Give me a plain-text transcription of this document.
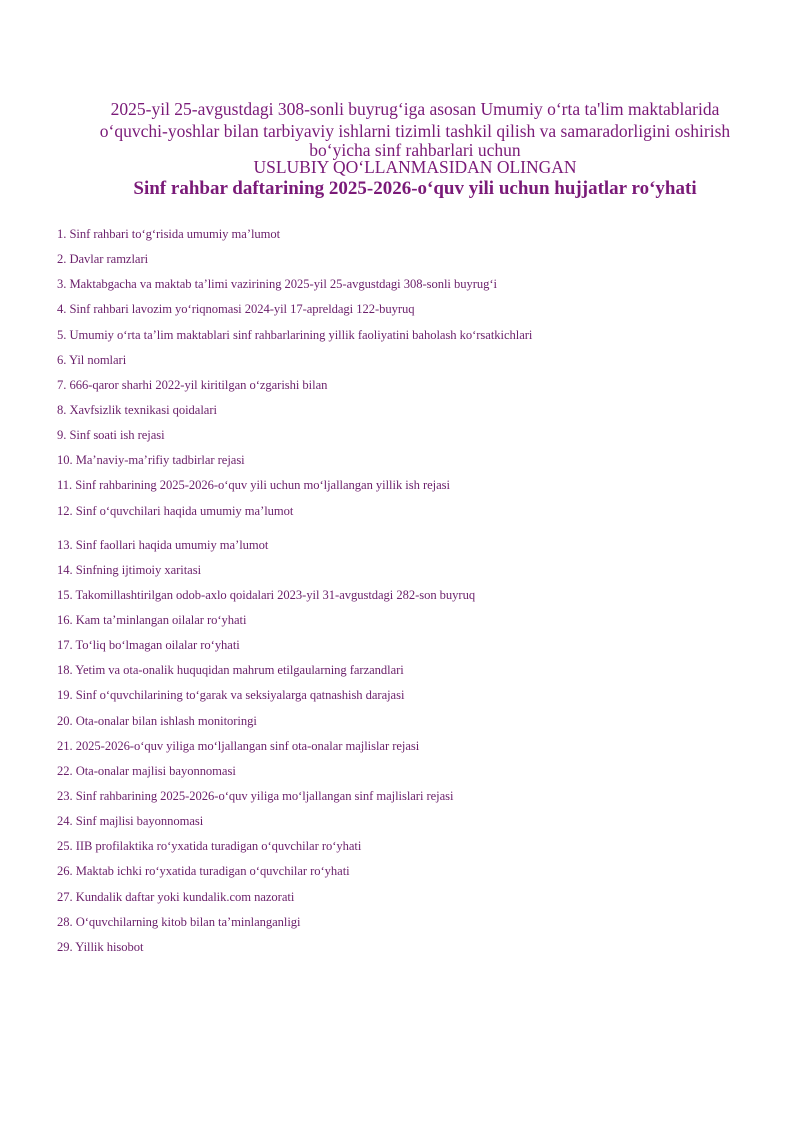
2025-yil 25-avgustdagi 308-sonli buyrug‘iga asosan Umumiy o‘rta ta'lim maktablarida
o‘quvchi-yoshlar bilan tarbiyaviy ishlarni tizimli tashkil qilish va samaradorligini oshirish
bo‘yicha sinf rahbarlari uchun
USLUBIY QO‘LLANMASIDAN OLINGAN
Sinf rahbar daftarining 2025-2026-o‘quv yili uchun hujjatlar ro‘yhati
1. Sinf rahbari to‘g‘risida umumiy ma’lumot
2. Davlar ramzlari
3. Maktabgacha va maktab ta’limi vazirining 2025-yil 25-avgustdagi 308-sonli buyrug‘i
4. Sinf rahbari lavozim yo‘riqnomasi 2024-yil 17-apreldagi 122-buyruq
5. Umumiy o‘rta ta’lim maktablari sinf rahbarlarining yillik faoliyatini baholash ko‘rsatkichlari
6. Yil nomlari
7. 666-qaror sharhi 2022-yil kiritilgan o‘zgarishi bilan
8. Xavfsizlik texnikasi qoidalari
9. Sinf soati ish rejasi
10. Ma’naviy-ma’rifiy tadbirlar rejasi
11. Sinf rahbarining 2025-2026-o‘quv yili uchun mo‘ljallangan yillik ish rejasi
12. Sinf o‘quvchilari haqida umumiy ma’lumot
13. Sinf faollari haqida umumiy ma’lumot
14. Sinfning ijtimoiy xaritasi
15. Takomillashtirilgan odob-axlo qoidalari 2023-yil 31-avgustdagi 282-son buyruq
16. Kam ta’minlangan oilalar ro‘yhati
17. To‘liq bo‘lmagan oilalar ro‘yhati
18. Yetim va ota-onalik huquqidan mahrum etilgaularning farzandlari
19. Sinf o‘quvchilarining to‘garak va seksiyalarga qatnashish darajasi
20. Ota-onalar bilan ishlash monitoringi
21. 2025-2026-o‘quv yiliga mo‘ljallangan sinf ota-onalar majlislar rejasi
22. Ota-onalar majlisi bayonnomasi
23. Sinf rahbarining 2025-2026-o‘quv yiliga mo‘ljallangan sinf majlislari rejasi
24. Sinf majlisi bayonnomasi
25. IIB profilaktika ro‘yxatida turadigan o‘quvchilar ro‘yhati
26. Maktab ichki ro‘yxatida turadigan o‘quvchilar ro‘yhati
27. Kundalik daftar yoki kundalik.com nazorati
28. O‘quvchilarning kitob bilan ta’minlanganligi
29. Yillik hisobot
